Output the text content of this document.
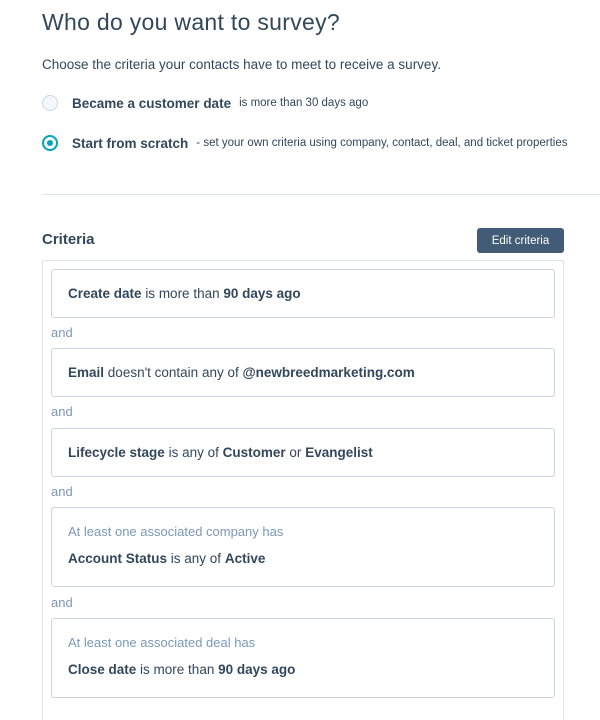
Who do you want to survey?

Choose the criteria your contacts have to meet to receive a survey.

Became a customer date is more than 30 days ago
Start from scratch - set your own criteria using company, contact, deal, and ticket properties
Criteria	Edit criteria
Create date is more than 90 days ago
and
Email doesn't contain any of @newbreedmarketing.com
and
Lifecycle stage is any of Customer or Evangelist
and
At least one associated company has
Account Status is any of Active
and
At least one associated deal has
Close date is more than 90 days ago
